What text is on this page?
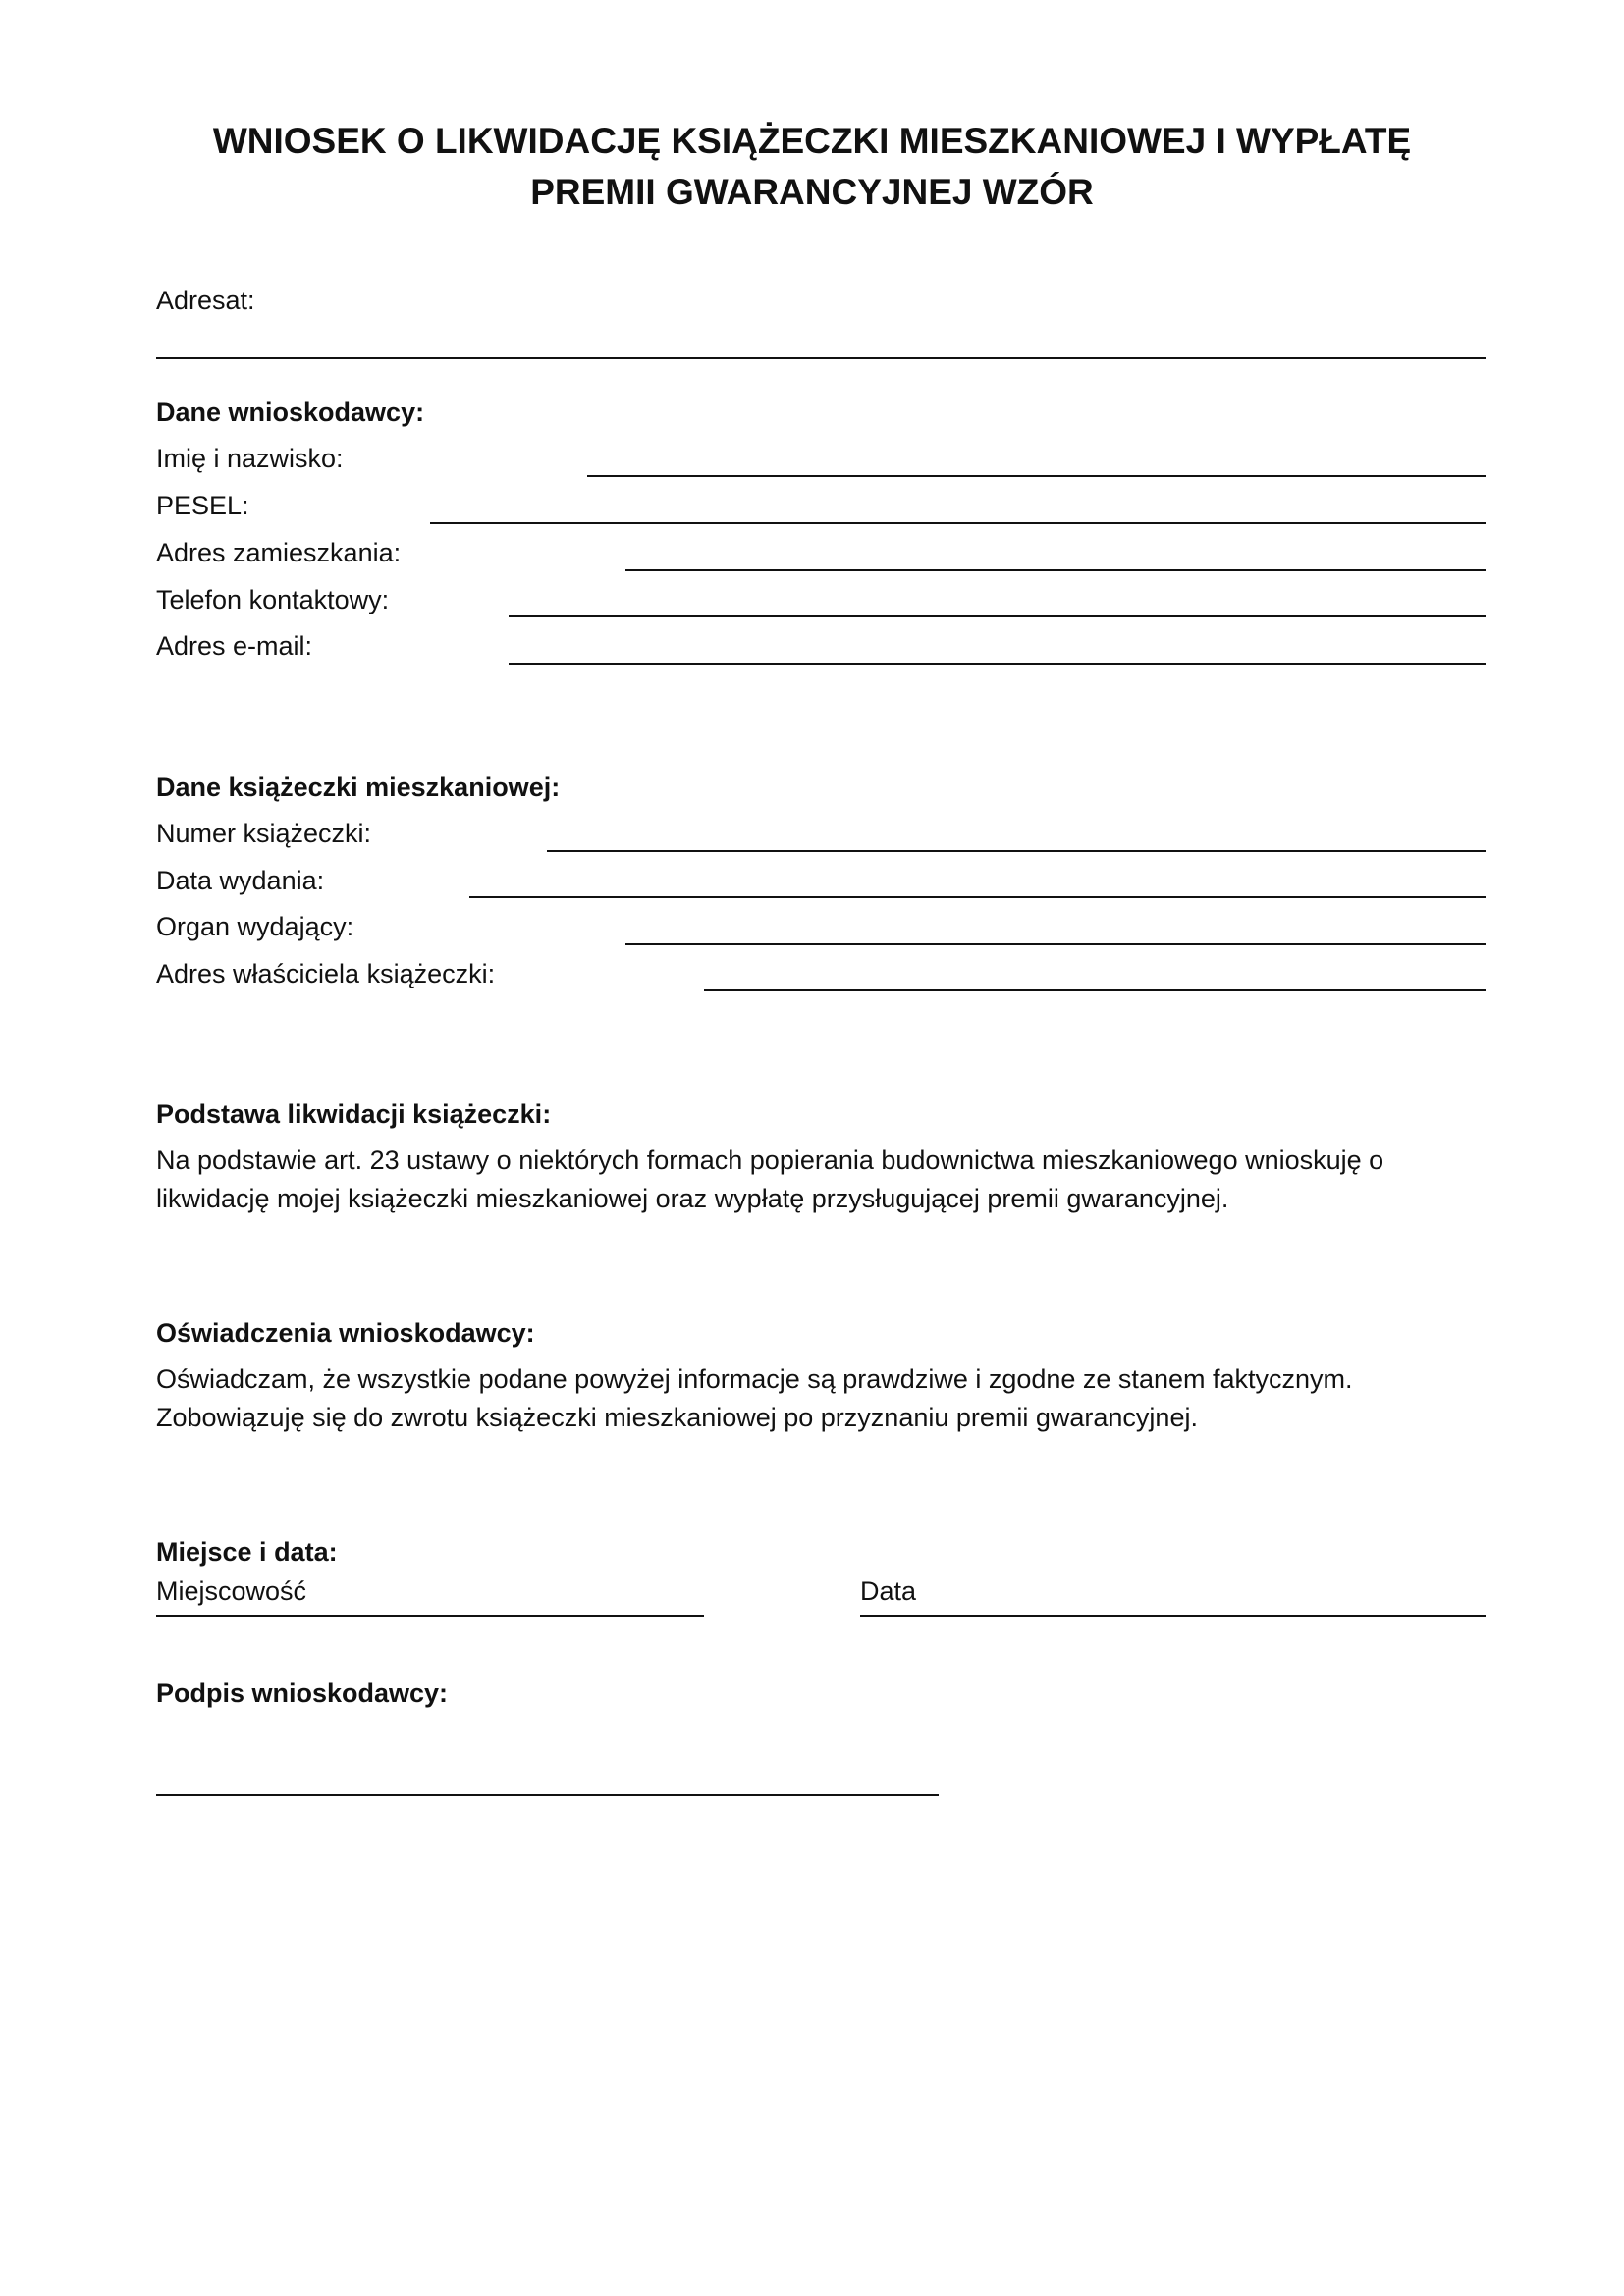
WNIOSEK O LIKWIDACJĘ KSIĄŻECZKI MIESZKANIOWEJ I WYPŁATĘ
PREMII GWARANCYJNEJ WZÓR
Adresat:
Dane wnioskodawcy:
Imię i nazwisko:
PESEL:
Adres zamieszkania:
Telefon kontaktowy:
Adres e-mail:
Dane książeczki mieszkaniowej:
Numer książeczki:
Data wydania:
Organ wydający:
Adres właściciela książeczki:
Podstawa likwidacji książeczki:
Na podstawie art. 23 ustawy o niektórych formach popierania budownictwa mieszkaniowego wnioskuję o
likwidację mojej książeczki mieszkaniowej oraz wypłatę przysługującej premii gwarancyjnej.
Oświadczenia wnioskodawcy:
Oświadczam, że wszystkie podane powyżej informacje są prawdziwe i zgodne ze stanem faktycznym.
Zobowiązuję się do zwrotu książeczki mieszkaniowej po przyznaniu premii gwarancyjnej.
Miejsce i data:
Miejscowość	Data
Podpis wnioskodawcy:
